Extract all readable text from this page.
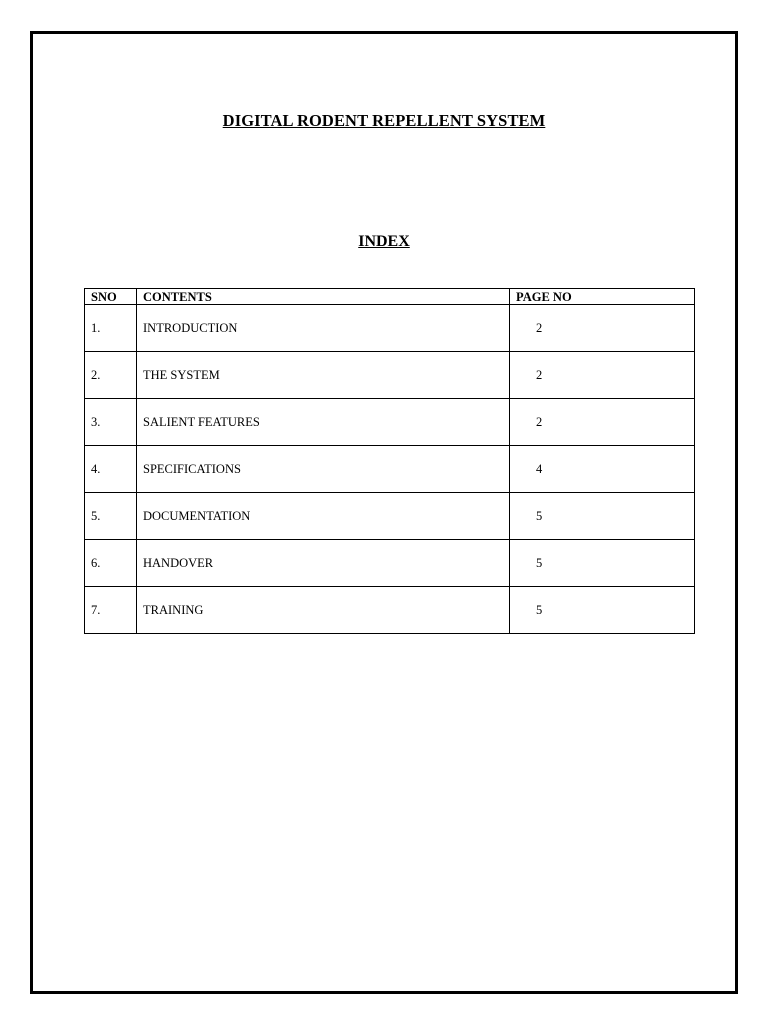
DIGITAL RODENT REPELLENT SYSTEM
INDEX
SNO	CONTENTS	PAGE NO
1.	INTRODUCTION	2
2.	THE SYSTEM	2
3.	SALIENT FEATURES	2
4.	SPECIFICATIONS	4
5.	DOCUMENTATION	5
6.	HANDOVER	5
7.	TRAINING	5
